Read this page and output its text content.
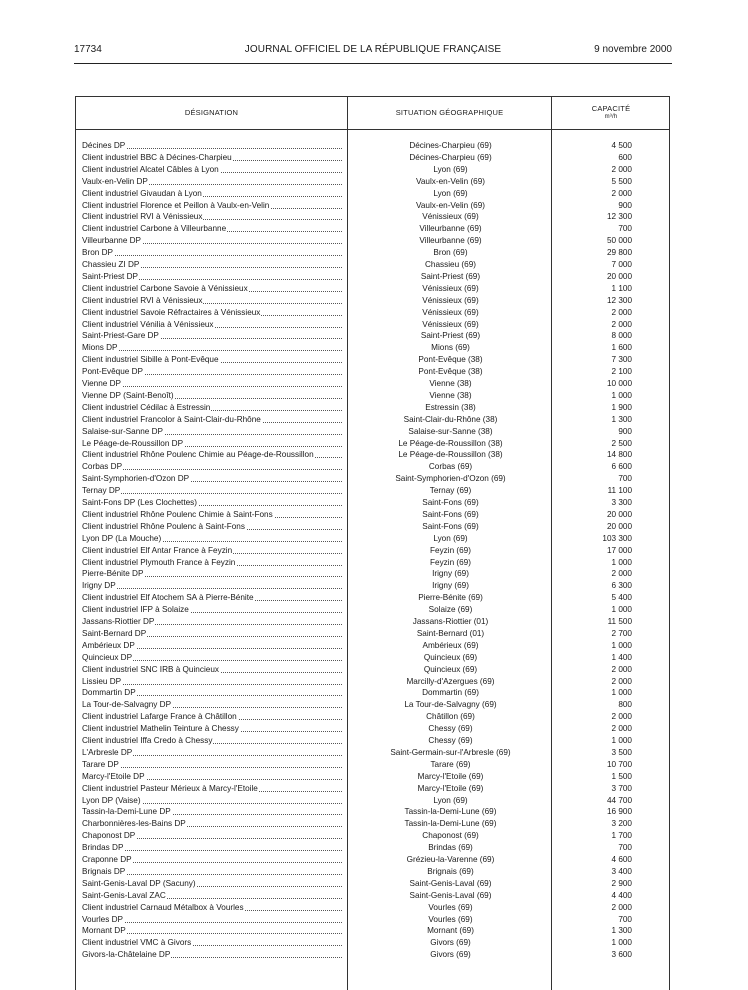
17734	JOURNAL OFFICIEL DE LA RÉPUBLIQUE FRANÇAISE	9 novembre 2000
DÉSIGNATION	SITUATION GÉOGRAPHIQUE	CAPACITÉ
m³/h
Décines DP	Décines-Charpieu (69)	4 500
Client industriel BBC à Décines-Charpieu	Décines-Charpieu (69)	600
Client industriel Alcatel Câbles à Lyon	Lyon (69)	2 000
Vaulx-en-Velin DP	Vaulx-en-Velin (69)	5 500
Client industriel Givaudan à Lyon	Lyon (69)	2 000
Client industriel Florence et Peillon à Vaulx-en-Velin	Vaulx-en-Velin (69)	900
Client industriel RVI à Vénissieux	Vénissieux (69)	12 300
Client industriel Carbone à Villeurbanne	Villeurbanne (69)	700
Villeurbanne DP	Villeurbanne (69)	50 000
Bron DP	Bron (69)	29 800
Chassieu ZI DP	Chassieu (69)	7 000
Saint-Priest DP	Saint-Priest (69)	20 000
Client industriel Carbone Savoie à Vénissieux	Vénissieux (69)	1 100
Client industriel RVI à Vénissieux	Vénissieux (69)	12 300
Client industriel Savoie Réfractaires à Vénissieux	Vénissieux (69)	2 000
Client industriel Vénilia à Vénissieux	Vénissieux (69)	2 000
Saint-Priest-Gare DP	Saint-Priest (69)	8 000
Mions DP	Mions (69)	1 600
Client industriel Sibille à Pont-Evêque	Pont-Evêque (38)	7 300
Pont-Evêque DP	Pont-Evêque (38)	2 100
Vienne DP	Vienne (38)	10 000
Vienne DP (Saint-Benoît)	Vienne (38)	1 000
Client industriel Cédilac à Estressin	Estressin (38)	1 900
Client industriel Francolor à Saint-Clair-du-Rhône	Saint-Clair-du-Rhône (38)	1 300
Salaise-sur-Sanne DP	Salaise-sur-Sanne (38)	900
Le Péage-de-Roussillon DP	Le Péage-de-Roussillon (38)	2 500
Client industriel Rhône Poulenc Chimie au Péage-de-Roussillon	Le Péage-de-Roussillon (38)	14 800
Corbas DP	Corbas (69)	6 600
Saint-Symphorien-d'Ozon DP	Saint-Symphorien-d'Ozon (69)	700
Ternay DP	Ternay (69)	11 100
Saint-Fons DP (Les Clochettes)	Saint-Fons (69)	3 300
Client industriel Rhône Poulenc Chimie à Saint-Fons	Saint-Fons (69)	20 000
Client industriel Rhône Poulenc à Saint-Fons	Saint-Fons (69)	20 000
Lyon DP (La Mouche)	Lyon (69)	103 300
Client industriel Elf Antar France à Feyzin	Feyzin (69)	17 000
Client industriel Plymouth France à Feyzin	Feyzin (69)	1 000
Pierre-Bénite DP	Irigny (69)	2 000
Irigny DP	Irigny (69)	6 300
Client industriel Elf Atochem SA à Pierre-Bénite	Pierre-Bénite (69)	5 400
Client industriel IFP à Solaize	Solaize (69)	1 000
Jassans-Riottier DP	Jassans-Riottier (01)	11 500
Saint-Bernard DP	Saint-Bernard (01)	2 700
Ambérieux DP	Ambérieux (69)	1 000
Quincieux DP	Quincieux (69)	1 400
Client industriel SNC IRB à Quincieux	Quincieux (69)	2 000
Lissieu DP	Marcilly-d'Azergues (69)	2 000
Dommartin DP	Dommartin (69)	1 000
La Tour-de-Salvagny DP	La Tour-de-Salvagny (69)	800
Client industriel Lafarge France à Châtillon	Châtillon (69)	2 000
Client industriel Mathelin Teinture à Chessy	Chessy (69)	2 000
Client industriel Iffa Credo à Chessy	Chessy (69)	1 000
L'Arbresle DP	Saint-Germain-sur-l'Arbresle (69)	3 500
Tarare DP	Tarare (69)	10 700
Marcy-l'Etoile DP	Marcy-l'Etoile (69)	1 500
Client industriel Pasteur Mérieux à Marcy-l'Etoile	Marcy-l'Etoile (69)	3 700
Lyon DP (Vaise)	Lyon (69)	44 700
Tassin-la-Demi-Lune DP	Tassin-la-Demi-Lune (69)	16 900
Charbonnières-les-Bains DP	Tassin-la-Demi-Lune (69)	3 200
Chaponost DP	Chaponost (69)	1 700
Brindas DP	Brindas (69)	700
Craponne DP	Grézieu-la-Varenne (69)	4 600
Brignais DP	Brignais (69)	3 400
Saint-Genis-Laval DP (Sacuny)	Saint-Genis-Laval (69)	2 900
Saint-Genis-Laval ZAC	Saint-Genis-Laval (69)	4 400
Client industriel Carnaud Métalbox à Vourles	Vourles (69)	2 000
Vourles DP	Vourles (69)	700
Mornant DP	Mornant (69)	1 300
Client industriel VMC à Givors	Givors (69)	1 000
Givors-la-Châtelaine DP	Givors (69)	3 600
